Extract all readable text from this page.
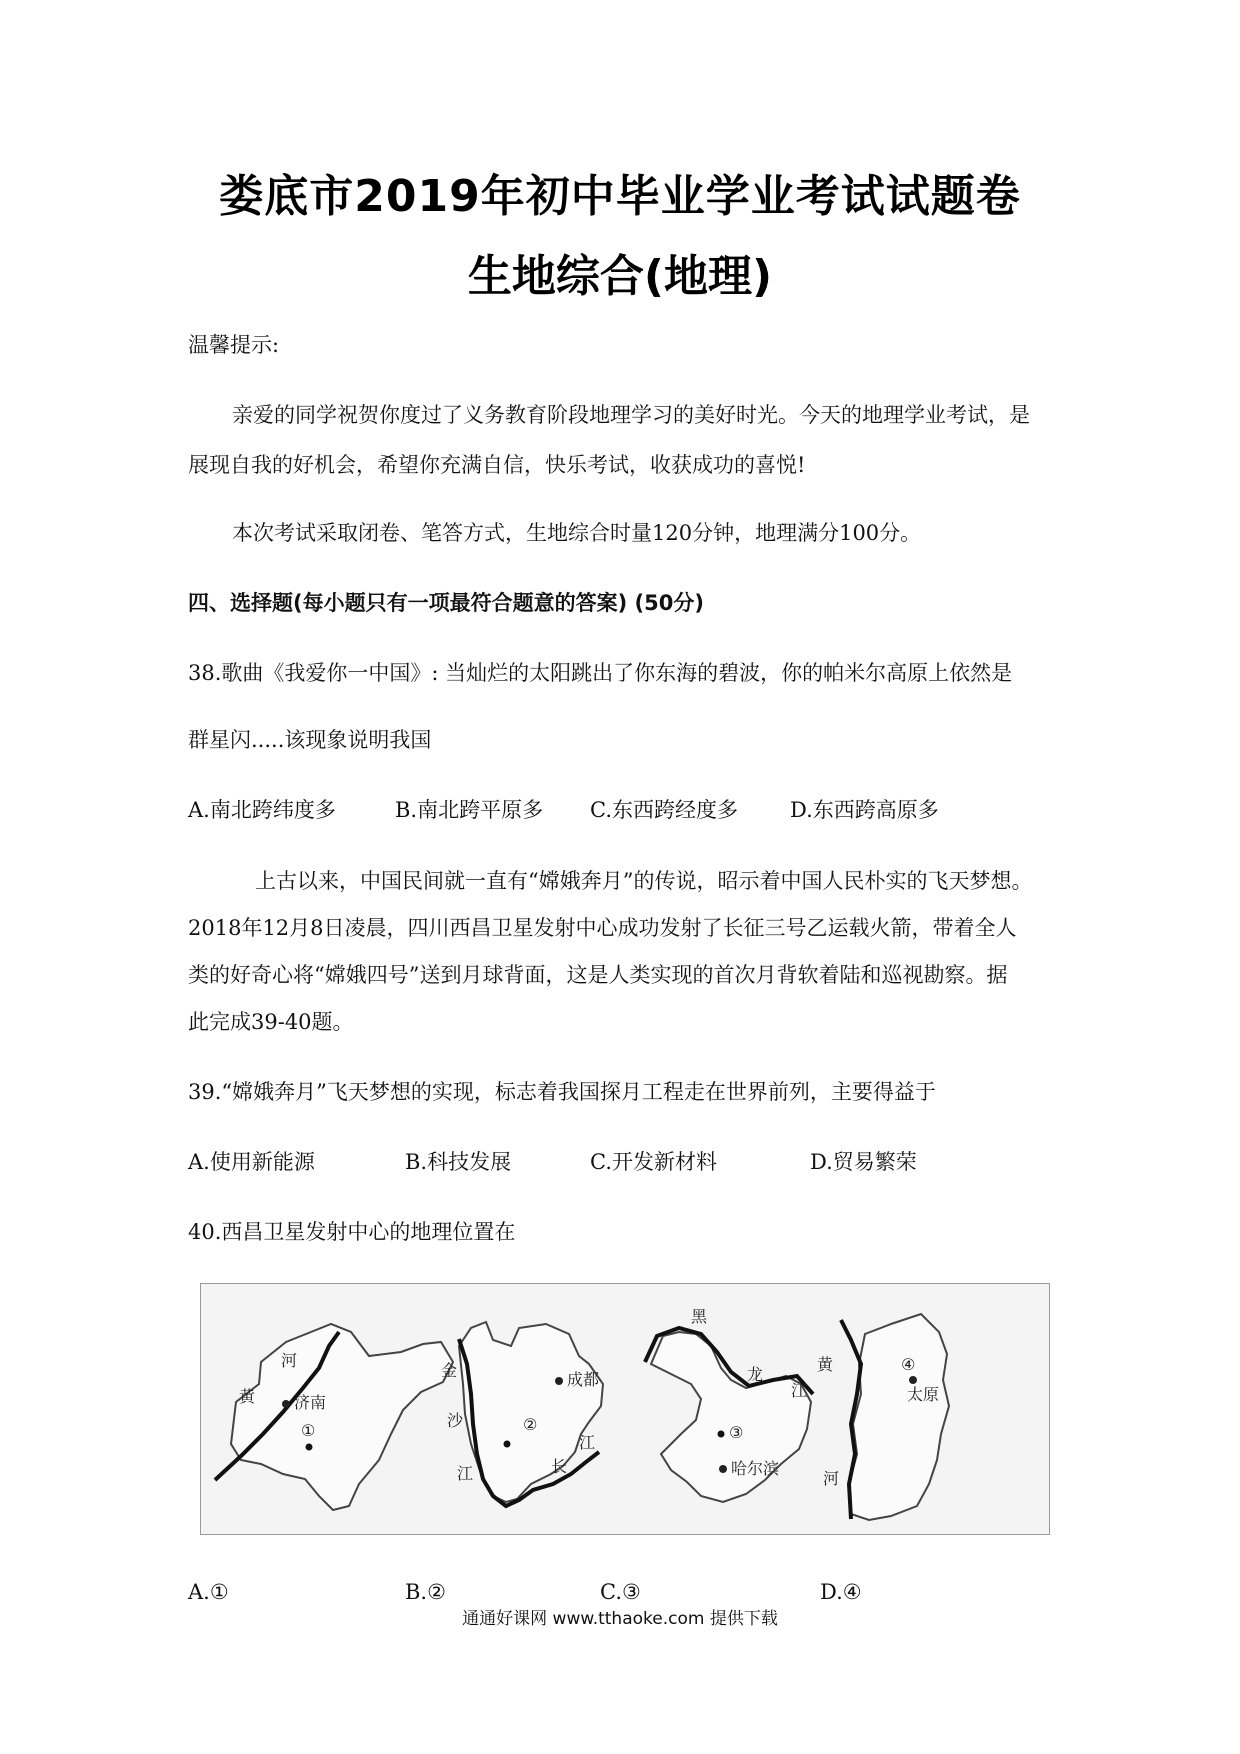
娄底市2019年初中毕业学业考试试题卷
生地综合(地理)
温馨提示:
亲爱的同学祝贺你度过了义务教育阶段地理学习的美好时光。今天的地理学业考试，是
展现自我的好机会，希望你充满自信，快乐考试，收获成功的喜悦!
本次考试采取闭卷、笔答方式，生地综合时量120分钟，地理满分100分。
四、选择题(每小题只有一项最符合题意的答案) (50分)
38.歌曲《我爱你一中国》: 当灿烂的太阳跳出了你东海的碧波，你的帕米尔高原上依然是
群星闪.....该现象说明我国
A.南北跨纬度多	B.南北跨平原多 C.东西跨经度多 D.东西跨高原多
上古以来，中国民间就一直有“嫦娥奔月”的传说，昭示着中国人民朴实的飞天梦想。
2018年12月8日凌晨，四川西昌卫星发射中心成功发射了长征三号乙运载火箭，带着全人
类的好奇心将“嫦娥四号”送到月球背面，这是人类实现的首次月背软着陆和巡视勘察。据
此完成39-40题。
39.“嫦娥奔月”飞天梦想的实现，标志着我国探月工程走在世界前列，主要得益于
A.使用新能源	B.科技发展	C.开发新材料	D.贸易繁荣
40.西昌卫星发射中心的地理位置在
黄
河
济南
①
金
沙
江	长
江
成都
②
黑
龙
江
哈尔滨
③
黄
河
太原
④
A.①	B.②	C.③	D.④
通通好课网 www.tthaoke.com 提供下载
